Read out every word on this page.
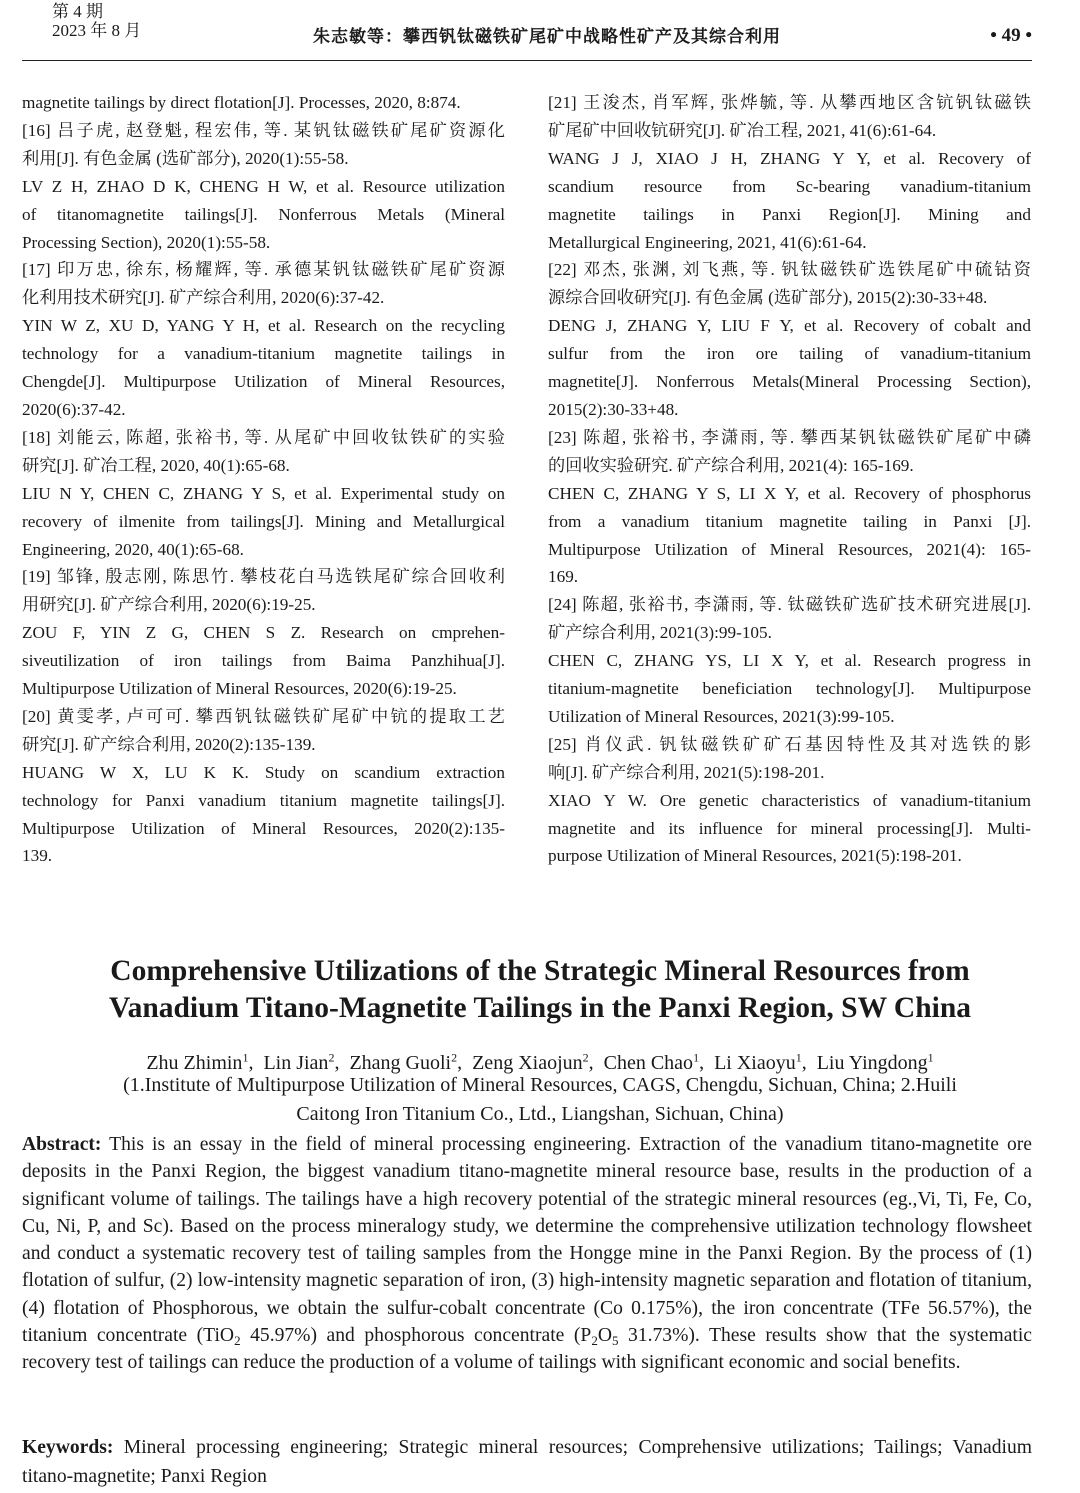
第 4 期
2023 年 8 月	朱志敏等：攀西钒钛磁铁矿尾矿中战略性矿产及其综合利用	• 49 •
magnetite tailings by direct flotation[J]. Processes, 2020, 8:874.
[16] 吕子虎, 赵登魁, 程宏伟, 等. 某钒钛磁铁矿尾矿资源化
利用[J]. 有色金属 (选矿部分), 2020(1):55-58.
LV Z H, ZHAO D K, CHENG H W, et al. Resource utilization
of titanomagnetite tailings[J]. Nonferrous Metals (Mineral
Processing Section), 2020(1):55-58.
[17] 印万忠, 徐东, 杨耀辉, 等. 承德某钒钛磁铁矿尾矿资源
化利用技术研究[J]. 矿产综合利用, 2020(6):37-42.
YIN W Z, XU D, YANG Y H, et al. Research on the recycling
technology for a vanadium-titanium magnetite tailings in
Chengde[J]. Multipurpose Utilization of Mineral Resources,
2020(6):37-42.
[18] 刘能云, 陈超, 张裕书, 等. 从尾矿中回收钛铁矿的实验
研究[J]. 矿冶工程, 2020, 40(1):65-68.
LIU N Y, CHEN C, ZHANG Y S, et al. Experimental study on
recovery of ilmenite from tailings[J]. Mining and Metallurgical
Engineering, 2020, 40(1):65-68.
[19] 邹锋, 殷志刚, 陈思竹. 攀枝花白马选铁尾矿综合回收利
用研究[J]. 矿产综合利用, 2020(6):19-25.
ZOU F, YIN Z G, CHEN S Z. Research on cmprehen-
siveutilization of iron tailings from Baima Panzhihua[J].
Multipurpose Utilization of Mineral Resources, 2020(6):19-25.
[20] 黄雯孝, 卢可可. 攀西钒钛磁铁矿尾矿中钪的提取工艺
研究[J]. 矿产综合利用, 2020(2):135-139.
HUANG W X, LU K K. Study on scandium extraction
technology for Panxi vanadium titanium magnetite tailings[J].
Multipurpose Utilization of Mineral Resources, 2020(2):135-
139.
[21] 王浚杰, 肖军辉, 张烨毓, 等. 从攀西地区含钪钒钛磁铁
矿尾矿中回收钪研究[J]. 矿冶工程, 2021, 41(6):61-64.
WANG J J, XIAO J H, ZHANG Y Y, et al. Recovery of
scandium resource from Sc-bearing vanadium-titanium
magnetite tailings in Panxi Region[J]. Mining and
Metallurgical Engineering, 2021, 41(6):61-64.
[22] 邓杰, 张渊, 刘飞燕, 等. 钒钛磁铁矿选铁尾矿中硫钴资
源综合回收研究[J]. 有色金属 (选矿部分), 2015(2):30-33+48.
DENG J, ZHANG Y, LIU F Y, et al. Recovery of cobalt and
sulfur from the iron ore tailing of vanadium-titanium
magnetite[J]. Nonferrous Metals(Mineral Processing Section),
2015(2):30-33+48.
[23] 陈超, 张裕书, 李潇雨, 等. 攀西某钒钛磁铁矿尾矿中磷
的回收实验研究. 矿产综合利用, 2021(4): 165-169.
CHEN C, ZHANG Y S, LI X Y, et al. Recovery of phosphorus
from a vanadium titanium magnetite tailing in Panxi [J].
Multipurpose Utilization of Mineral Resources, 2021(4): 165-
169.
[24] 陈超, 张裕书, 李潇雨, 等. 钛磁铁矿选矿技术研究进展[J].
矿产综合利用, 2021(3):99-105.
CHEN C, ZHANG YS, LI X Y, et al. Research progress in
titanium-magnetite beneficiation technology[J]. Multipurpose
Utilization of Mineral Resources, 2021(3):99-105.
[25] 肖仪武. 钒钛磁铁矿矿石基因特性及其对选铁的影
响[J]. 矿产综合利用, 2021(5):198-201.
XIAO Y W. Ore genetic characteristics of vanadium-titanium
magnetite and its influence for mineral processing[J]. Multi-
purpose Utilization of Mineral Resources, 2021(5):198-201.
Comprehensive Utilizations of the Strategic Mineral Resources from
Vanadium Titano-Magnetite Tailings in the Panxi Region, SW China
Zhu Zhimin$^1$, Lin Jian$^2$, Zhang Guoli$^2$, Zeng Xiaojun$^2$, Chen Chao$^1$, Li Xiaoyu$^1$, Liu Yingdong$^1$
(1.Institute of Multipurpose Utilization of Mineral Resources, CAGS, Chengdu, Sichuan, China; 2.Huili
Caitong Iron Titanium Co., Ltd., Liangshan, Sichuan, China)

Abstract: This is an essay in the field of mineral processing engineering. Extraction of the vanadium titano-magnetite ore deposits in the Panxi Region, the biggest vanadium titano-magnetite mineral resource base, results in the production of a significant volume of tailings. The tailings have a high recovery potential of the strategic mineral resources (eg.,Vi, Ti, Fe, Co, Cu, Ni, P, and Sc). Based on the process mineralogy study, we determine the comprehensive utilization technology flowsheet and conduct a systematic recovery test of tailing samples from the Hongge mine in the Panxi Region. By the process of (1) flotation of sulfur, (2) low-intensity magnetic separation of iron, (3) high-intensity magnetic separation and flotation of titanium, (4) flotation of Phosphorous, we obtain the sulfur-cobalt concentrate (Co 0.175%), the iron concentrate (TFe 56.57%), the titanium concentrate (TiO$_2$ 45.97%) and phosphorous concentrate ($P_2O_5$ 31.73%). These results show that the systematic recovery test of tailings can reduce the production of a volume of tailings with significant economic and social benefits.

Keywords: Mineral processing engineering; Strategic mineral resources; Comprehensive utilizations; Tailings; Vanadium titano-magnetite; Panxi Region
